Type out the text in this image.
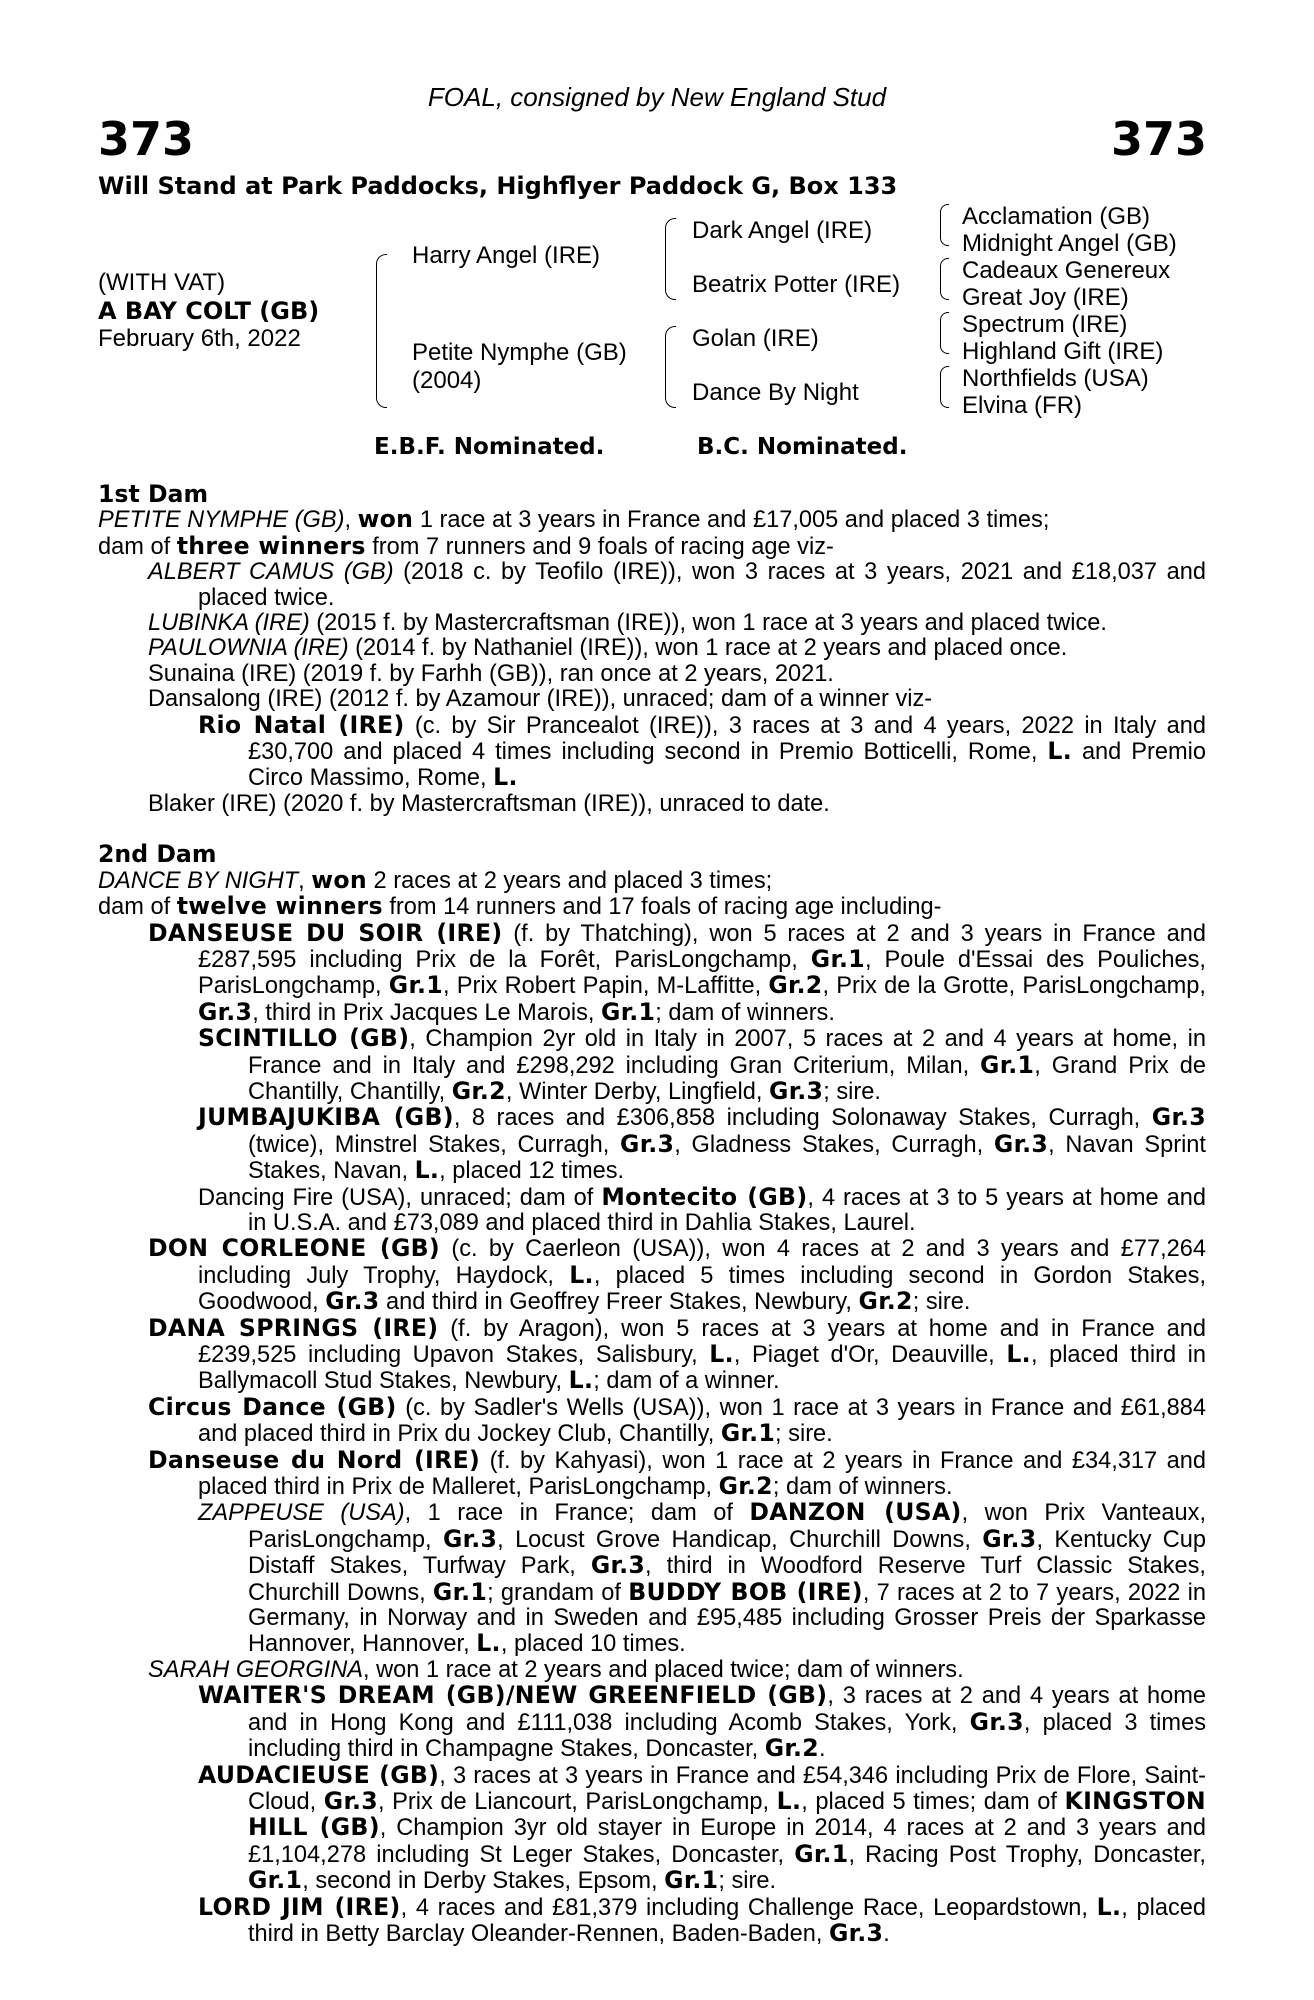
FOAL, consigned by New England Stud
373	373
Will Stand at Park Paddocks, Highflyer Paddock G, Box 133
(WITH VAT)
A BAY COLT (GB)
February 6th, 2022
Harry Angel (IRE)
Petite Nymphe (GB)
(2004)
Dark Angel (IRE)
Beatrix Potter (IRE)
Golan (IRE)
Dance By Night
Acclamation (GB)
Midnight Angel (GB)
Cadeaux Genereux
Great Joy (IRE)
Spectrum (IRE)
Highland Gift (IRE)
Northfields (USA)
Elvina (FR)
E.B.F. Nominated.	B.C. Nominated.

1st Dam

PETITE NYMPHE (GB), won 1 race at 3 years in France and £17,005 and placed 3 times;

dam of three winners from 7 runners and 9 foals of racing age viz-

ALBERT CAMUS (GB) (2018 c. by Teofilo (IRE)), won 3 races at 3 years, 2021 and £18,037 and placed twice.

LUBINKA (IRE) (2015 f. by Mastercraftsman (IRE)), won 1 race at 3 years and placed twice.

PAULOWNIA (IRE) (2014 f. by Nathaniel (IRE)), won 1 race at 2 years and placed once.

Sunaina (IRE) (2019 f. by Farhh (GB)), ran once at 2 years, 2021.

Dansalong (IRE) (2012 f. by Azamour (IRE)), unraced; dam of a winner viz-

Rio Natal (IRE) (c. by Sir Prancealot (IRE)), 3 races at 3 and 4 years, 2022 in Italy and £30,700 and placed 4 times including second in Premio Botticelli, Rome, L. and Premio Circo Massimo, Rome, L.

Blaker (IRE) (2020 f. by Mastercraftsman (IRE)), unraced to date.

2nd Dam

DANCE BY NIGHT, won 2 races at 2 years and placed 3 times;

dam of twelve winners from 14 runners and 17 foals of racing age including-

DANSEUSE DU SOIR (IRE) (f. by Thatching), won 5 races at 2 and 3 years in France and £287,595 including Prix de la Forêt, ParisLongchamp, Gr.1, Poule d'Essai des Pouliches, ParisLongchamp, Gr.1, Prix Robert Papin, M-Laffitte, Gr.2, Prix de la Grotte, ParisLongchamp, Gr.3, third in Prix Jacques Le Marois, Gr.1; dam of winners.

SCINTILLO (GB), Champion 2yr old in Italy in 2007, 5 races at 2 and 4 years at home, in France and in Italy and £298,292 including Gran Criterium, Milan, Gr.1, Grand Prix de Chantilly, Chantilly, Gr.2, Winter Derby, Lingfield, Gr.3; sire.

JUMBAJUKIBA (GB), 8 races and £306,858 including Solonaway Stakes, Curragh, Gr.3 (twice), Minstrel Stakes, Curragh, Gr.3, Gladness Stakes, Curragh, Gr.3, Navan Sprint Stakes, Navan, L., placed 12 times.

Dancing Fire (USA), unraced; dam of Montecito (GB), 4 races at 3 to 5 years at home and in U.S.A. and £73,089 and placed third in Dahlia Stakes, Laurel.

DON CORLEONE (GB) (c. by Caerleon (USA)), won 4 races at 2 and 3 years and £77,264 including July Trophy, Haydock, L., placed 5 times including second in Gordon Stakes, Goodwood, Gr.3 and third in Geoffrey Freer Stakes, Newbury, Gr.2; sire.

DANA SPRINGS (IRE) (f. by Aragon), won 5 races at 3 years at home and in France and £239,525 including Upavon Stakes, Salisbury, L., Piaget d'Or, Deauville, L., placed third in Ballymacoll Stud Stakes, Newbury, L.; dam of a winner.

Circus Dance (GB) (c. by Sadler's Wells (USA)), won 1 race at 3 years in France and £61,884 and placed third in Prix du Jockey Club, Chantilly, Gr.1; sire.

Danseuse du Nord (IRE) (f. by Kahyasi), won 1 race at 2 years in France and £34,317 and placed third in Prix de Malleret, ParisLongchamp, Gr.2; dam of winners.

ZAPPEUSE (USA), 1 race in France; dam of DANZON (USA), won Prix Vanteaux, ParisLongchamp, Gr.3, Locust Grove Handicap, Churchill Downs, Gr.3, Kentucky Cup Distaff Stakes, Turfway Park, Gr.3, third in Woodford Reserve Turf Classic Stakes, Churchill Downs, Gr.1; grandam of BUDDY BOB (IRE), 7 races at 2 to 7 years, 2022 in Germany, in Norway and in Sweden and £95,485 including Grosser Preis der Sparkasse Hannover, Hannover, L., placed 10 times.

SARAH GEORGINA, won 1 race at 2 years and placed twice; dam of winners.

WAITER'S DREAM (GB)/NEW GREENFIELD (GB), 3 races at 2 and 4 years at home and in Hong Kong and £111,038 including Acomb Stakes, York, Gr.3, placed 3 times including third in Champagne Stakes, Doncaster, Gr.2.

AUDACIEUSE (GB), 3 races at 3 years in France and £54,346 including Prix de Flore, Saint-Cloud, Gr.3, Prix de Liancourt, ParisLongchamp, L., placed 5 times; dam of KINGSTON HILL (GB), Champion 3yr old stayer in Europe in 2014, 4 races at 2 and 3 years and £1,104,278 including St Leger Stakes, Doncaster, Gr.1, Racing Post Trophy, Doncaster, Gr.1, second in Derby Stakes, Epsom, Gr.1; sire.

LORD JIM (IRE), 4 races and £81,379 including Challenge Race, Leopardstown, L., placed third in Betty Barclay Oleander-Rennen, Baden-Baden, Gr.3.
